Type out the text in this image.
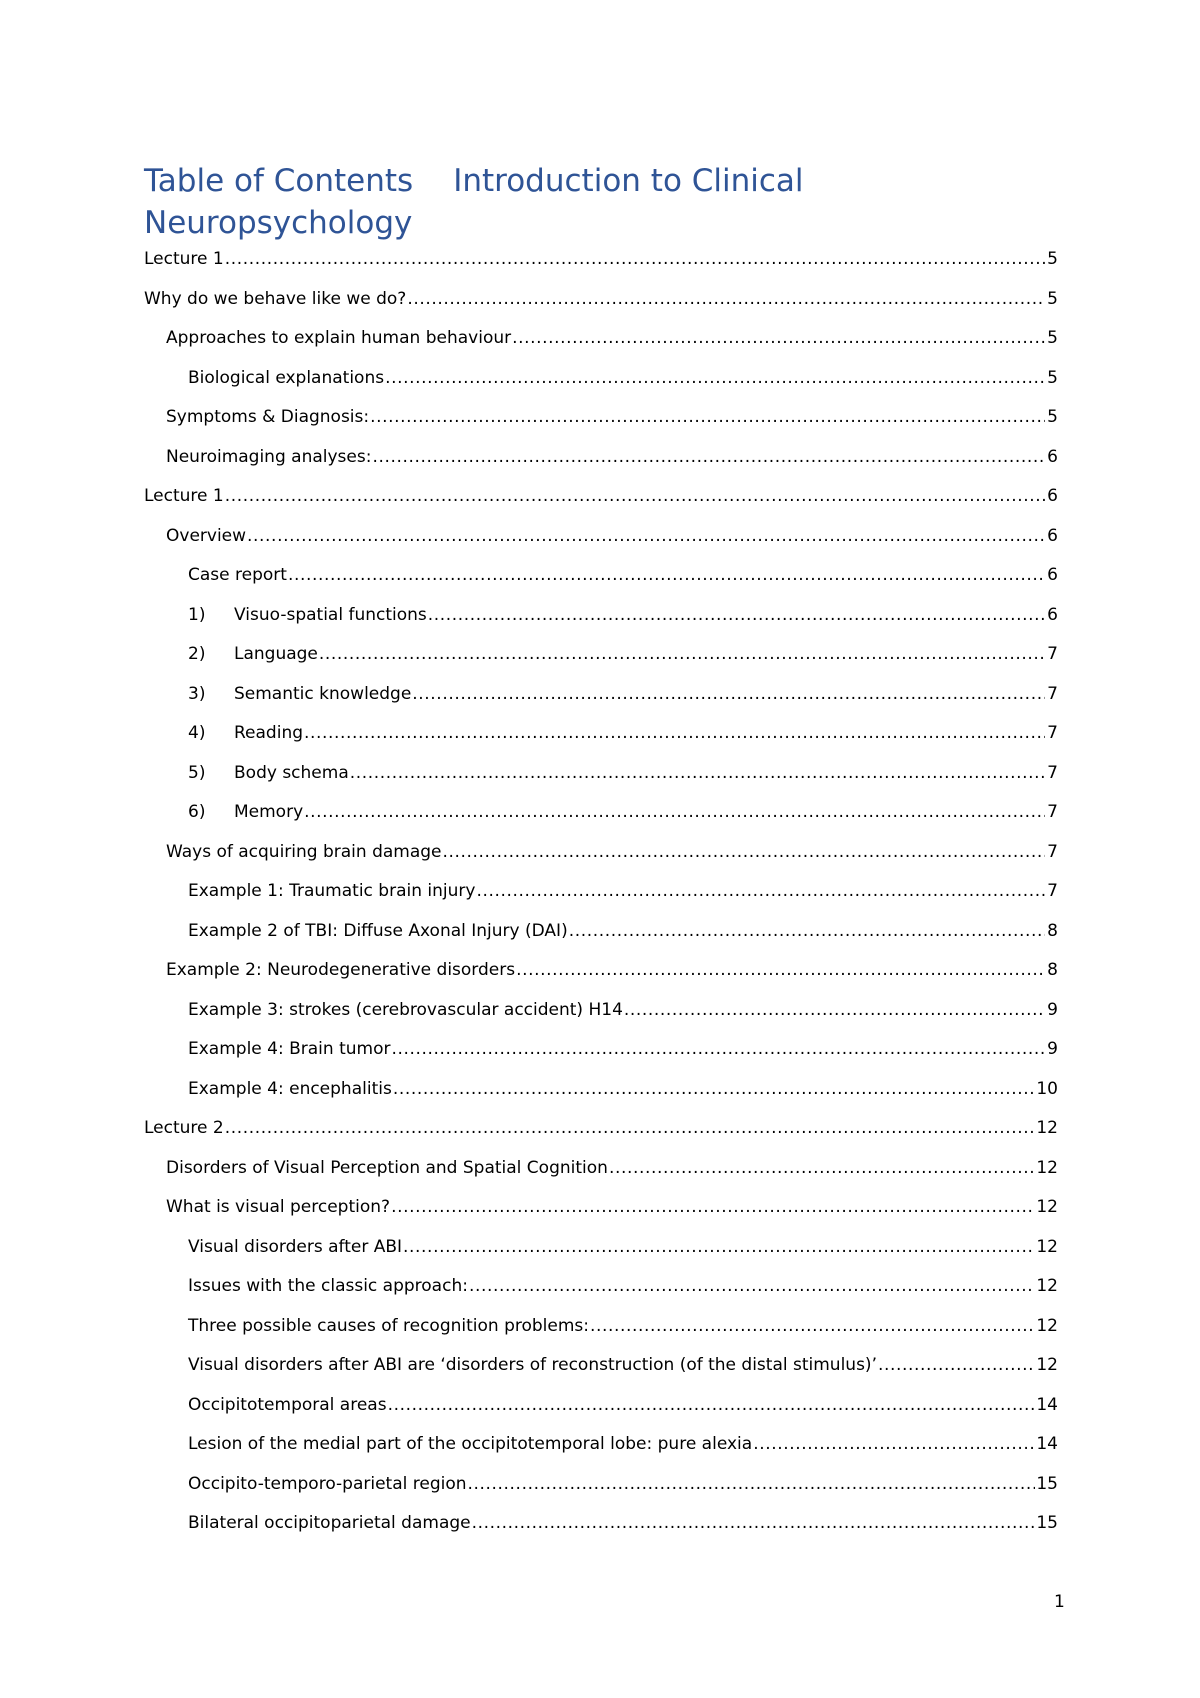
Table of Contents Introduction to Clinical Neuropsychology
Lecture 1 .....	5
Why do we behave like we do? .....	5
Approaches to explain human behaviour .....	5
Biological explanations .....	5
Symptoms & Diagnosis: .....	5
Neuroimaging analyses: .....	6
Lecture 1 .....	6
Overview .....	6
Case report .....	6
1)	Visuo-spatial functions .....	6
2)	Language .....	7
3)	Semantic knowledge .....	7
4)	Reading .....	7
5)	Body schema .....	7
6)	Memory .....	7
Ways of acquiring brain damage .....	7
Example 1: Traumatic brain injury .....	7
Example 2 of TBI: Diffuse Axonal Injury (DAI) .....	8
Example 2: Neurodegenerative disorders .....	8
Example 3: strokes (cerebrovascular accident) H14 .....	9
Example 4: Brain tumor .....	9
Example 4: encephalitis .....	10
Lecture 2 .....	12
Disorders of Visual Perception and Spatial Cognition .....	12
What is visual perception? .....	12
Visual disorders after ABI .....	12
Issues with the classic approach: .....	12
Three possible causes of recognition problems: .....	12
Visual disorders after ABI are ‘disorders of reconstruction (of the distal stimulus)’ .....	12
Occipitotemporal areas .....	14
Lesion of the medial part of the occipitotemporal lobe: pure alexia .....	14
Occipito-temporo-parietal region .....	15
Bilateral occipitoparietal damage .....	15
1
